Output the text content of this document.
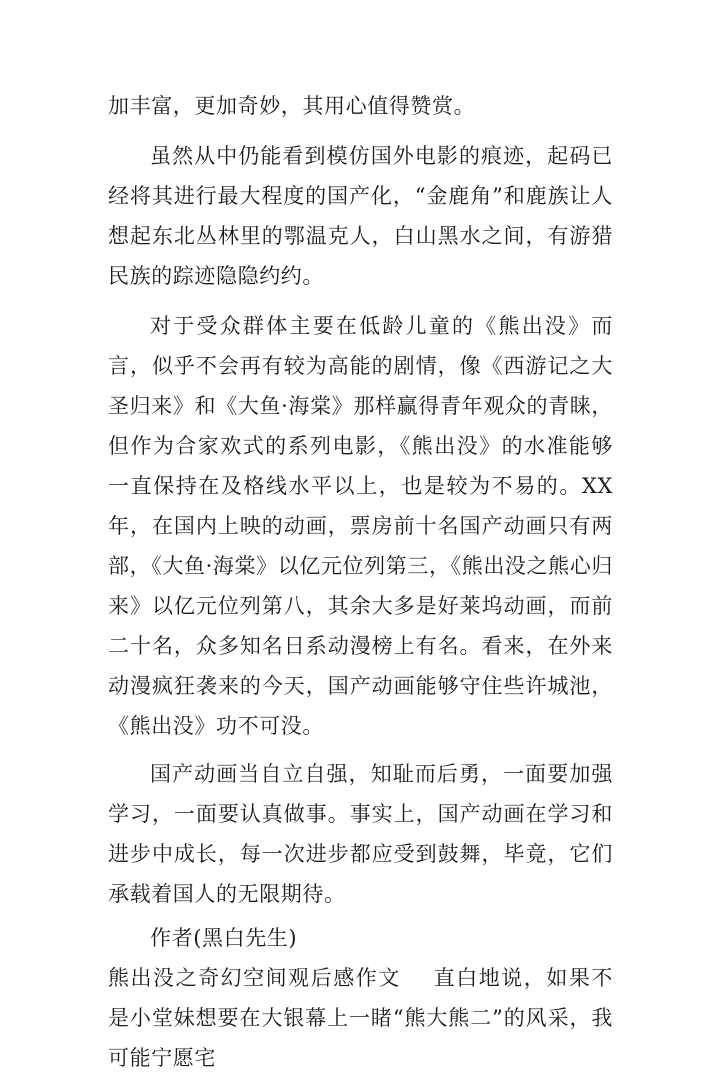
加丰富，更加奇妙，其用心值得赞赏。

虽然从中仍能看到模仿国外电影的痕迹，起码已经将其进行最大程度的国产化，“金鹿角”和鹿族让人想起东北丛林里的鄂温克人，白山黑水之间，有游猎民族的踪迹隐隐约约。

对于受众群体主要在低龄儿童的《熊出没》而言，似乎不会再有较为高能的剧情，像《西游记之大圣归来》和《大鱼·海棠》那样赢得青年观众的青睐，但作为合家欢式的系列电影，《熊出没》的水准能够一直保持在及格线水平以上，也是较为不易的。XX年，在国内上映的动画，票房前十名国产动画只有两部，《大鱼·海棠》以亿元位列第三，《熊出没之熊心归来》以亿元位列第八，其余大多是好莱坞动画，而前二十名，众多知名日系动漫榜上有名。看来，在外来动漫疯狂袭来的今天，国产动画能够守住些许城池，《熊出没》功不可没。

国产动画当自立自强，知耻而后勇，一面要加强学习，一面要认真做事。事实上，国产动画在学习和进步中成长，每一次进步都应受到鼓舞，毕竟，它们承载着国人的无限期待。

作者(黑白先生)

熊出没之奇幻空间观后感作文 直白地说，如果不是小堂妹想要在大银幕上一睹“熊大熊二”的风采，我可能宁愿宅
